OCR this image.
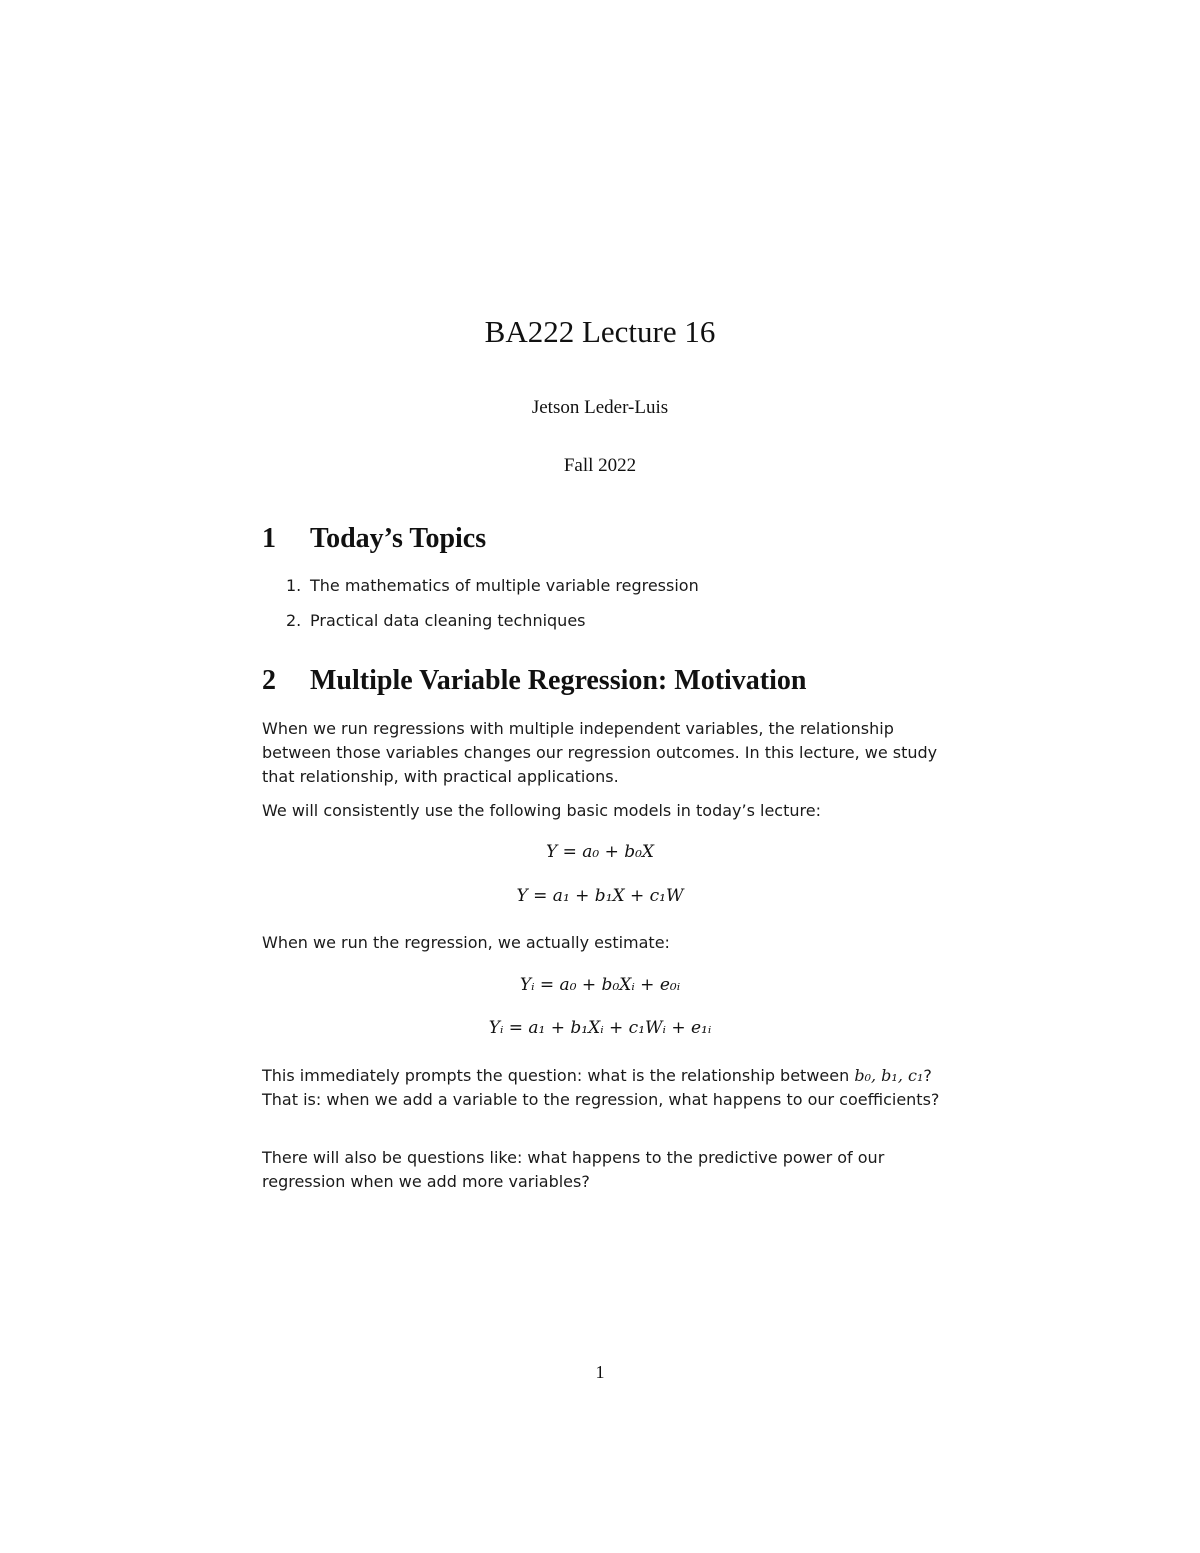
BA222 Lecture 16
Jetson Leder-Luis
Fall 2022
1 Today’s Topics
1. The mathematics of multiple variable regression
2. Practical data cleaning techniques
2 Multiple Variable Regression: Motivation

When we run regressions with multiple independent variables, the relationship between those variables changes our regression outcomes. In this lecture, we study that relationship, with practical applications.

We will consistently use the following basic models in today’s lecture:

Y = a₀ + b₀X
Y = a₁ + b₁X + c₁W

When we run the regression, we actually estimate:

Yᵢ = a₀ + b₀Xᵢ + e₀ᵢ
Yᵢ = a₁ + b₁Xᵢ + c₁Wᵢ + e₁ᵢ

This immediately prompts the question: what is the relationship between b₀, b₁, c₁? That is: when we add a variable to the regression, what happens to our coefficients?

There will also be questions like: what happens to the predictive power of our regression when we add more variables?

1
